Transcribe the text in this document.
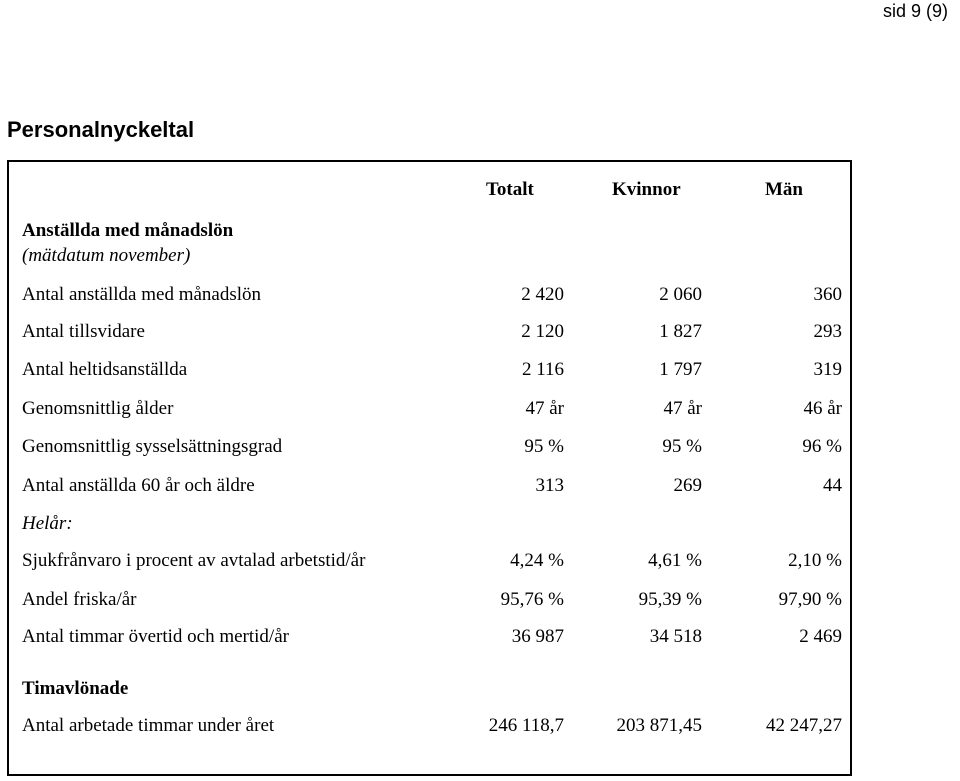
sid 9 (9)
Personalnyckeltal
Totalt	Kvinnor	Män
Anställda med månadslön
(mätdatum november)
Antal anställda med månadslön	2 420	2 060	360
Antal tillsvidare	2 120	1 827	293
Antal heltidsanställda	2 116	1 797	319
Genomsnittlig ålder	47 år	47 år	46 år
Genomsnittlig sysselsättningsgrad	95 %	95 %	96 %
Antal anställda 60 år och äldre	313	269	44
Helår:
Sjukfrånvaro i procent av avtalad arbetstid/år	4,24 %	4,61 %	2,10 %
Andel friska/år	95,76 %	95,39 %	97,90 %
Antal timmar övertid och mertid/år	36 987	34 518	2 469
Timavlönade
Antal arbetade timmar under året	246 118,7	203 871,45	42 247,27
